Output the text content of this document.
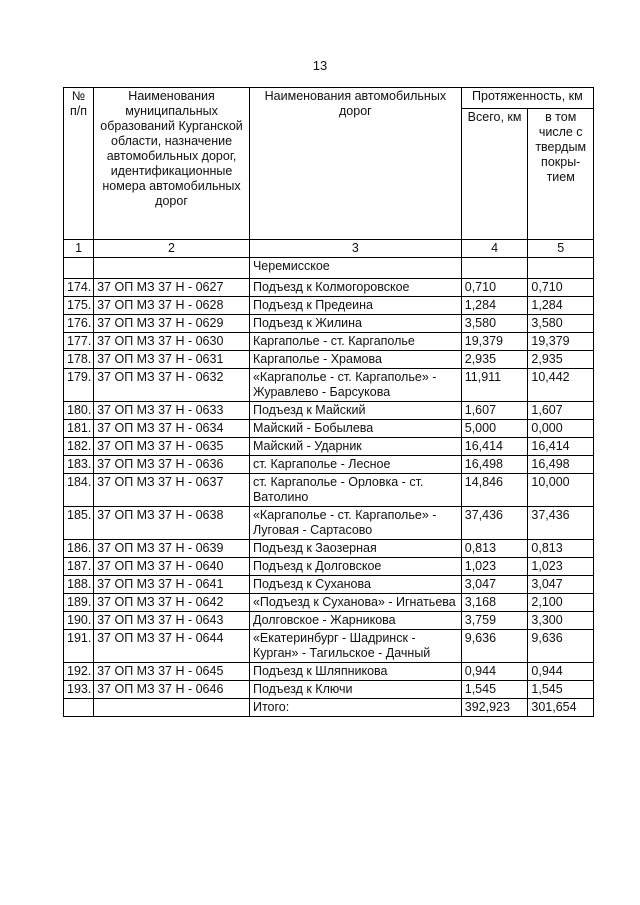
13
№ п/п	Наименования муниципальных образований Курганской области, назначение автомобильных дорог, идентификационные номера автомобильных дорог	Наименования автомобильных дорог	Протяженность, км	
			Всего, км	в том числе с твердым покры-тием
1	2	3	4	5
		Черемисское		
174.	37 ОП МЗ 37 Н - 0627	Подъезд к Колмогоровское	0,710	0,710
175.	37 ОП МЗ 37 Н - 0628	Подъезд к Предеина	1,284	1,284
176.	37 ОП МЗ 37 Н - 0629	Подъезд к Жилина	3,580	3,580
177.	37 ОП МЗ 37 Н - 0630	Каргаполье - ст. Каргаполье	19,379	19,379
178.	37 ОП МЗ 37 Н - 0631	Каргаполье - Храмова	2,935	2,935
179.	37 ОП МЗ 37 Н - 0632	«Каргаполье - ст. Каргаполье» - Журавлево - Барсукова	11,911	10,442
180.	37 ОП МЗ 37 Н - 0633	Подъезд к Майский	1,607	1,607
181.	37 ОП МЗ 37 Н - 0634	Майский - Бобылева	5,000	0,000
182.	37 ОП МЗ 37 Н - 0635	Майский - Ударник	16,414	16,414
183.	37 ОП МЗ 37 Н - 0636	ст. Каргаполье - Лесное	16,498	16,498
184.	37 ОП МЗ 37 Н - 0637	ст. Каргаполье - Орловка - ст. Ватолино	14,846	10,000
185.	37 ОП МЗ 37 Н - 0638	«Каргаполье - ст. Каргаполье» - Луговая - Сартасово	37,436	37,436
186.	37 ОП МЗ 37 Н - 0639	Подъезд к Заозерная	0,813	0,813
187.	37 ОП МЗ 37 Н - 0640	Подъезд к Долговское	1,023	1,023
188.	37 ОП МЗ 37 Н - 0641	Подъезд к Суханова	3,047	3,047
189.	37 ОП МЗ 37 Н - 0642	«Подъезд к Суханова» - Игнатьева	3,168	2,100
190.	37 ОП МЗ 37 Н - 0643	Долговское - Жарникова	3,759	3,300
191.	37 ОП МЗ 37 Н - 0644	«Екатеринбург - Шадринск - Курган» - Тагильское - Дачный	9,636	9,636
192.	37 ОП МЗ 37 Н - 0645	Подъезд к Шляпникова	0,944	0,944
193.	37 ОП МЗ 37 Н - 0646	Подъезд к Ключи	1,545	1,545
		Итого:	392,923	301,654
